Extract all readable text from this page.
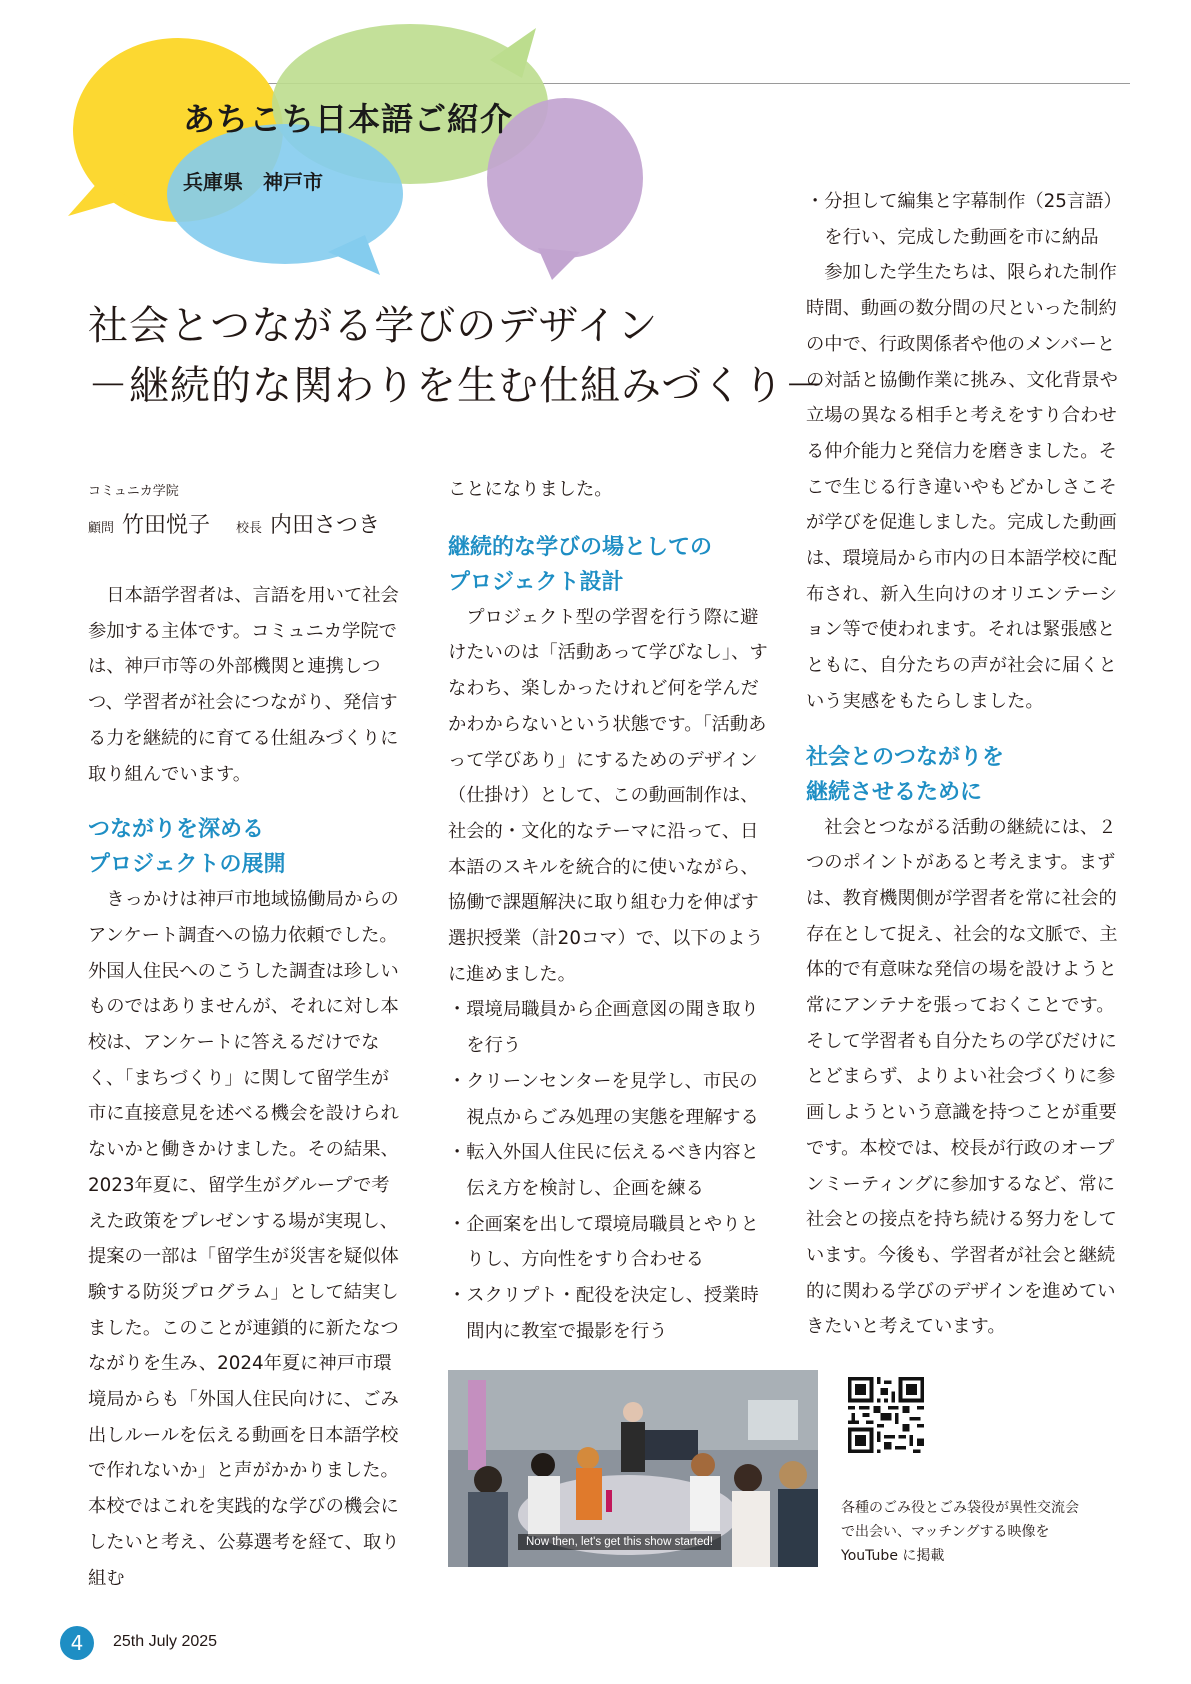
あちこち日本語ご紹介
兵庫県　神戸市
社会とつながる学びのデザイン
－継続的な関わりを生む仕組みづくり－
コミュニカ学院
顧問 竹田悦子 校長 内田さつき

日本語学習者は、言語を用いて社会参加する主体です。コミュニカ学院では、神戸市等の外部機関と連携しつつ、学習者が社会につながり、発信する力を継続的に育てる仕組みづくりに取り組んでいます。

つながりを深める

プロジェクトの展開

きっかけは神戸市地域協働局からのアンケート調査への協力依頼でした。外国人住民へのこうした調査は珍しいものではありませんが、それに対し本校は、アンケートに答えるだけでなく、「まちづくり」に関して留学生が市に直接意見を述べる機会を設けられないかと働きかけました。その結果、2023年夏に、留学生がグループで考えた政策をプレゼンする場が実現し、提案の一部は「留学生が災害を疑似体験する防災プログラム」として結実しました。このことが連鎖的に新たなつながりを生み、2024年夏に神戸市環境局からも「外国人住民向けに、ごみ出しルールを伝える動画を日本語学校で作れないか」と声がかかりました。本校ではこれを実践的な学びの機会にしたいと考え、公募選考を経て、取り組む

ことになりました。

継続的な学びの場としての

プロジェクト設計

プロジェクト型の学習を行う際に避けたいのは「活動あって学びなし」、すなわち、楽しかったけれど何を学んだかわからないという状態です。「活動あって学びあり」にするためのデザイン（仕掛け）として、この動画制作は、社会的・文化的なテーマに沿って、日本語のスキルを統合的に使いながら、協働で課題解決に取り組む力を伸ばす選択授業（計20コマ）で、以下のように進めました。

・環境局職員から企画意図の聞き取りを行う

・クリーンセンターを見学し、市民の視点からごみ処理の実態を理解する

・転入外国人住民に伝えるべき内容と伝え方を検討し、企画を練る

・企画案を出して環境局職員とやりとりし、方向性をすり合わせる

・スクリプト・配役を決定し、授業時間内に教室で撮影を行う

Now then, let's get this show started!

・分担して編集と字幕制作（25言語）を行い、完成した動画を市に納品

参加した学生たちは、限られた制作時間、動画の数分間の尺といった制約の中で、行政関係者や他のメンバーとの対話と協働作業に挑み、文化背景や立場の異なる相手と考えをすり合わせる仲介能力と発信力を磨きました。そこで生じる行き違いやもどかしさこそが学びを促進しました。完成した動画は、環境局から市内の日本語学校に配布され、新入生向けのオリエンテーション等で使われます。それは緊張感とともに、自分たちの声が社会に届くという実感をもたらしました。

社会とのつながりを

継続させるために

社会とつながる活動の継続には、２つのポイントがあると考えます。まずは、教育機関側が学習者を常に社会的存在として捉え、社会的な文脈で、主体的で有意味な発信の場を設けようと常にアンテナを張っておくことです。そして学習者も自分たちの学びだけにとどまらず、よりよい社会づくりに参画しようという意識を持つことが重要です。本校では、校長が行政のオープンミーティングに参加するなど、常に社会との接点を持ち続ける努力をしています。今後も、学習者が社会と継続的に関わる学びのデザインを進めていきたいと考えています。

各種のごみ役とごみ袋役が異性交流会で出会い、マッチングする映像を YouTube に掲載
4	25th July 2025
